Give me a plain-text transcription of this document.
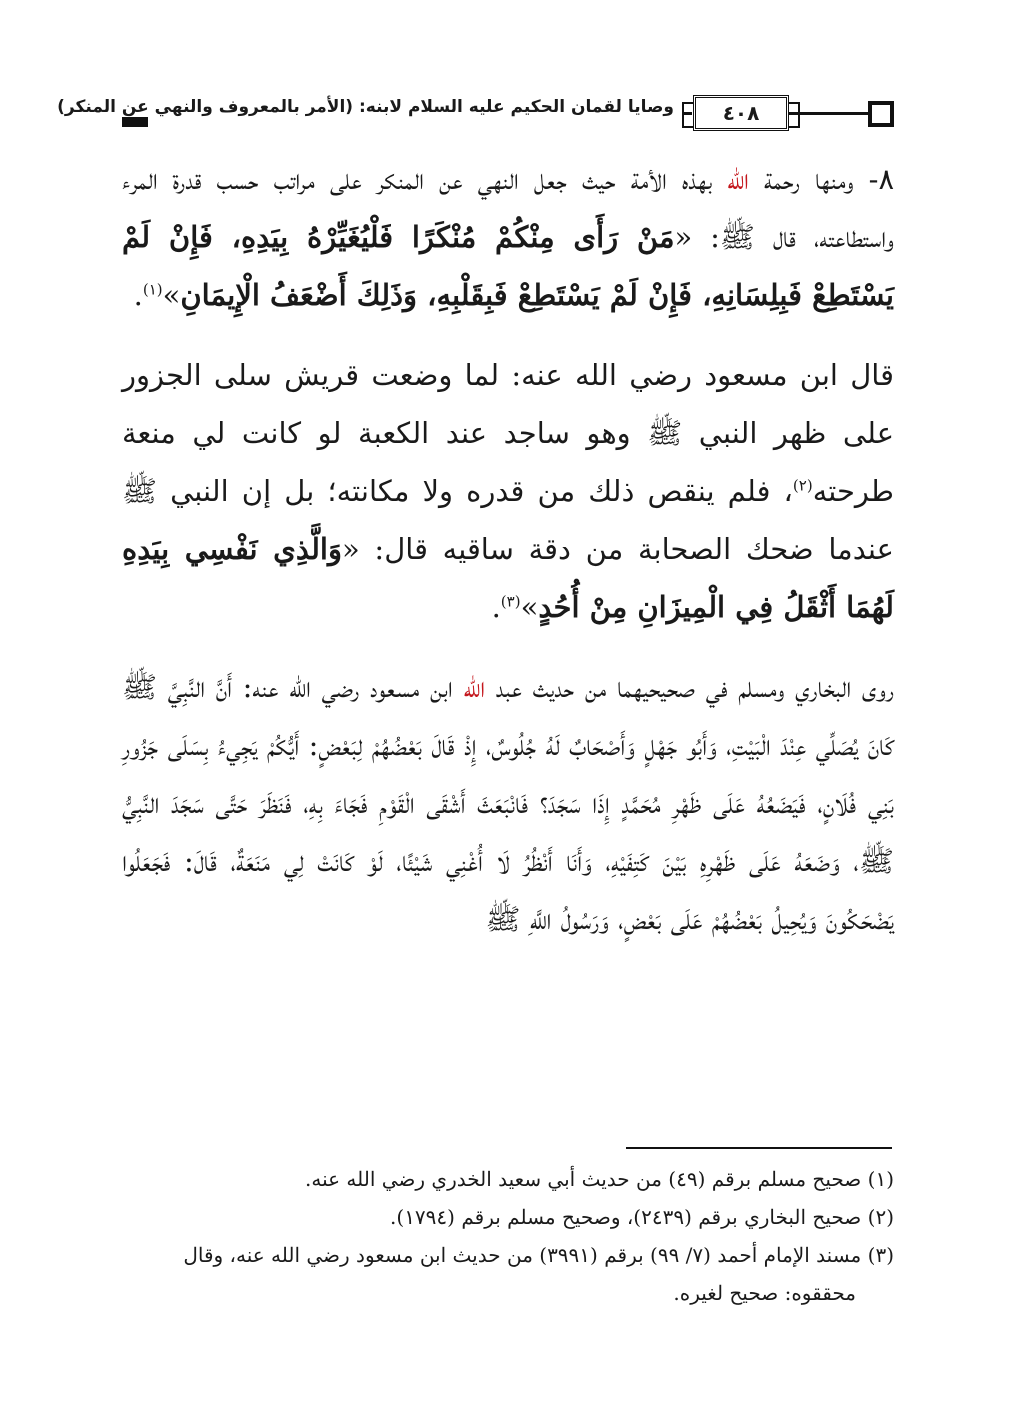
وصايا لقمان الحكيم عليه السلام لابنه: (الأمر بالمعروف والنهي عن المنكر)	٤٠٨

٨- ومنها رحمة الله بهذه الأمة حيث جعل النهي عن المنكر على مراتب حسب قدرة المرء واستطاعته، قال ﷺ: «مَنْ رَأَى مِنْكُمْ مُنْكَرًا فَلْيُغَيِّرْهُ بِيَدِهِ، فَإِنْ لَمْ يَسْتَطِعْ فَبِلِسَانِهِ، فَإِنْ لَمْ يَسْتَطِعْ فَبِقَلْبِهِ، وَذَلِكَ أَضْعَفُ الْإِيمَانِ»$^{(١)}$.

قال ابن مسعود رضي الله عنه: لما وضعت قريش سلى الجزور على ظهر النبي ﷺ وهو ساجد عند الكعبة لو كانت لي منعة طرحته$^{(٢)}$، فلم ينقص ذلك من قدره ولا مكانته؛ بل إن النبي ﷺ عندما ضحك الصحابة من دقة ساقيه قال: «وَالَّذِي نَفْسِي بِيَدِهِ لَهُمَا أَثْقَلُ فِي الْمِيزَانِ مِنْ أُحُدٍ»$^{(٣)}$.

روى البخاري ومسلم في صحيحيهما من حديث عبد الله ابن مسعود رضي الله عنه: أَنَّ النَّبِيَّ ﷺ كَانَ يُصَلِّي عِنْدَ الْبَيْتِ، وَأَبُو جَهْلٍ وَأَصْحَابٌ لَهُ جُلُوسٌ، إِذْ قَالَ بَعْضُهُمْ لِبَعْضٍ: أَيُّكُمْ يَجِيءُ بِسَلَى جَزُورِ بَنِي فُلَانٍ، فَيَضَعُهُ عَلَى ظَهْرِ مُحَمَّدٍ إِذَا سَجَدَ؟ فَانْبَعَثَ أَشْقَى الْقَوْمِ فَجَاءَ بِهِ، فَنَظَرَ حَتَّى سَجَدَ النَّبِيُّ ﷺ، وَضَعَهُ عَلَى ظَهْرِهِ بَيْنَ كَتِفَيْهِ، وَأَنَا أَنْظُرُ لَا أُغْنِي شَيْئًا، لَوْ كَانَتْ لِي مَنَعَةٌ، قَالَ: فَجَعَلُوا يَضْحَكُونَ وَيُحِيلُ بَعْضُهُمْ عَلَى بَعْضٍ، وَرَسُولُ اللَّهِ ﷺ

(١) صحيح مسلم برقم (٤٩) من حديث أبي سعيد الخدري رضي الله عنه.

(٢) صحيح البخاري برقم (٢٤٣٩)، وصحيح مسلم برقم (١٧٩٤).

(٣) مسند الإمام أحمد (٧/ ٩٩) برقم (٣٩٩١) من حديث ابن مسعود رضي الله عنه، وقال

محققوه: صحيح لغيره.
